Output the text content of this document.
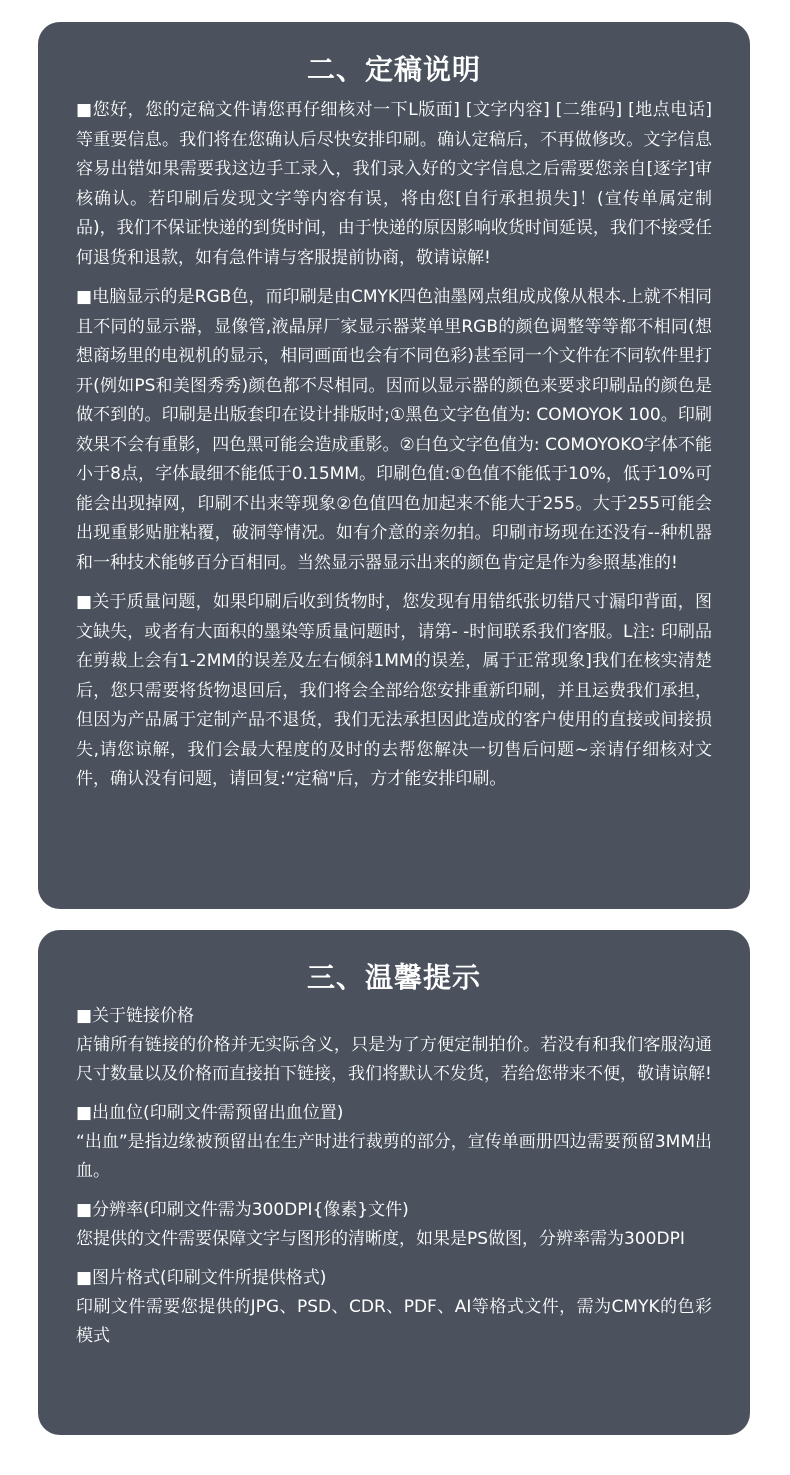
二、定稿说明

■您好，您的定稿文件请您再仔细核对一下L版面] [文字内容] [二维码] [地点电话] 等重要信息。我们将在您确认后尽快安排印刷。确认定稿后，不再做修改。文字信息容易出错如果需要我这边手工录入，我们录入好的文字信息之后需要您亲自[逐字]审核确认。若印刷后发现文字等内容有误，将由您[自行承担损失]！(宣传单属定制品)，我们不保证快递的到货时间，由于快递的原因影响收货时间延误，我们不接受任何退货和退款，如有急件请与客服提前协商，敬请谅解!

■电脑显示的是RGB色，而印刷是由CMYK四色油墨网点组成成像从根本.上就不相同且不同的显示器，显像管,液晶屏厂家显示器菜单里RGB的颜色调整等等都不相同(想想商场里的电视机的显示，相同画面也会有不同色彩)甚至同一个文件在不同软件里打开(例如PS和美图秀秀)颜色都不尽相同。因而以显示器的颜色来要求印刷品的颜色是做不到的。印刷是出版套印在设计排版时;①黑色文字色值为: COMOYOK 100。印刷效果不会有重影，四色黑可能会造成重影。②白色文字色值为: COMOYOKO字体不能小于8点，字体最细不能低于0.15MM。印刷色值:①色值不能低于10%，低于10%可能会出现掉网，印刷不出来等现象②色值四色加起来不能大于255。大于255可能会出现重影贴脏粘覆，破洞等情况。如有介意的亲勿拍。印刷市场现在还没有--种机器和一种技术能够百分百相同。当然显示器显示出来的颜色肯定是作为参照基准的!

■关于质量问题，如果印刷后收到货物时，您发现有用错纸张切错尺寸漏印背面，图文缺失，或者有大面积的墨染等质量问题时，请第- -时间联系我们客服。L注: 印刷品在剪裁上会有1-2MM的误差及左右倾斜1MM的误差，属于正常现象]我们在核实清楚后，您只需要将货物退回后，我们将会全部给您安排重新印刷，并且运费我们承担，但因为产品属于定制产品不退货，我们无法承担因此造成的客户使用的直接或间接损失,请您谅解，我们会最大程度的及时的去帮您解决一切售后问题~亲请仔细核对文件，确认没有问题，请回复:“定稿"后，方才能安排印刷。

三、温馨提示

■关于链接价格

店铺所有链接的价格并无实际含义，只是为了方便定制拍价。若没有和我们客服沟通尺寸数量以及价格而直接拍下链接，我们将默认不发货，若给您带来不便，敬请谅解!

■出血位(印刷文件需预留出血位置)

“出血”是指边缘被预留出在生产时进行裁剪的部分，宣传单画册四边需要预留3MM出血。

■分辨率(印刷文件需为300DPI{像素}文件)

您提供的文件需要保障文字与图形的清晰度，如果是PS做图，分辨率需为300DPI

■图片格式(印刷文件所提供格式)

印刷文件需要您提供的JPG、PSD、CDR、PDF、AI等格式文件，需为CMYK的色彩模式
